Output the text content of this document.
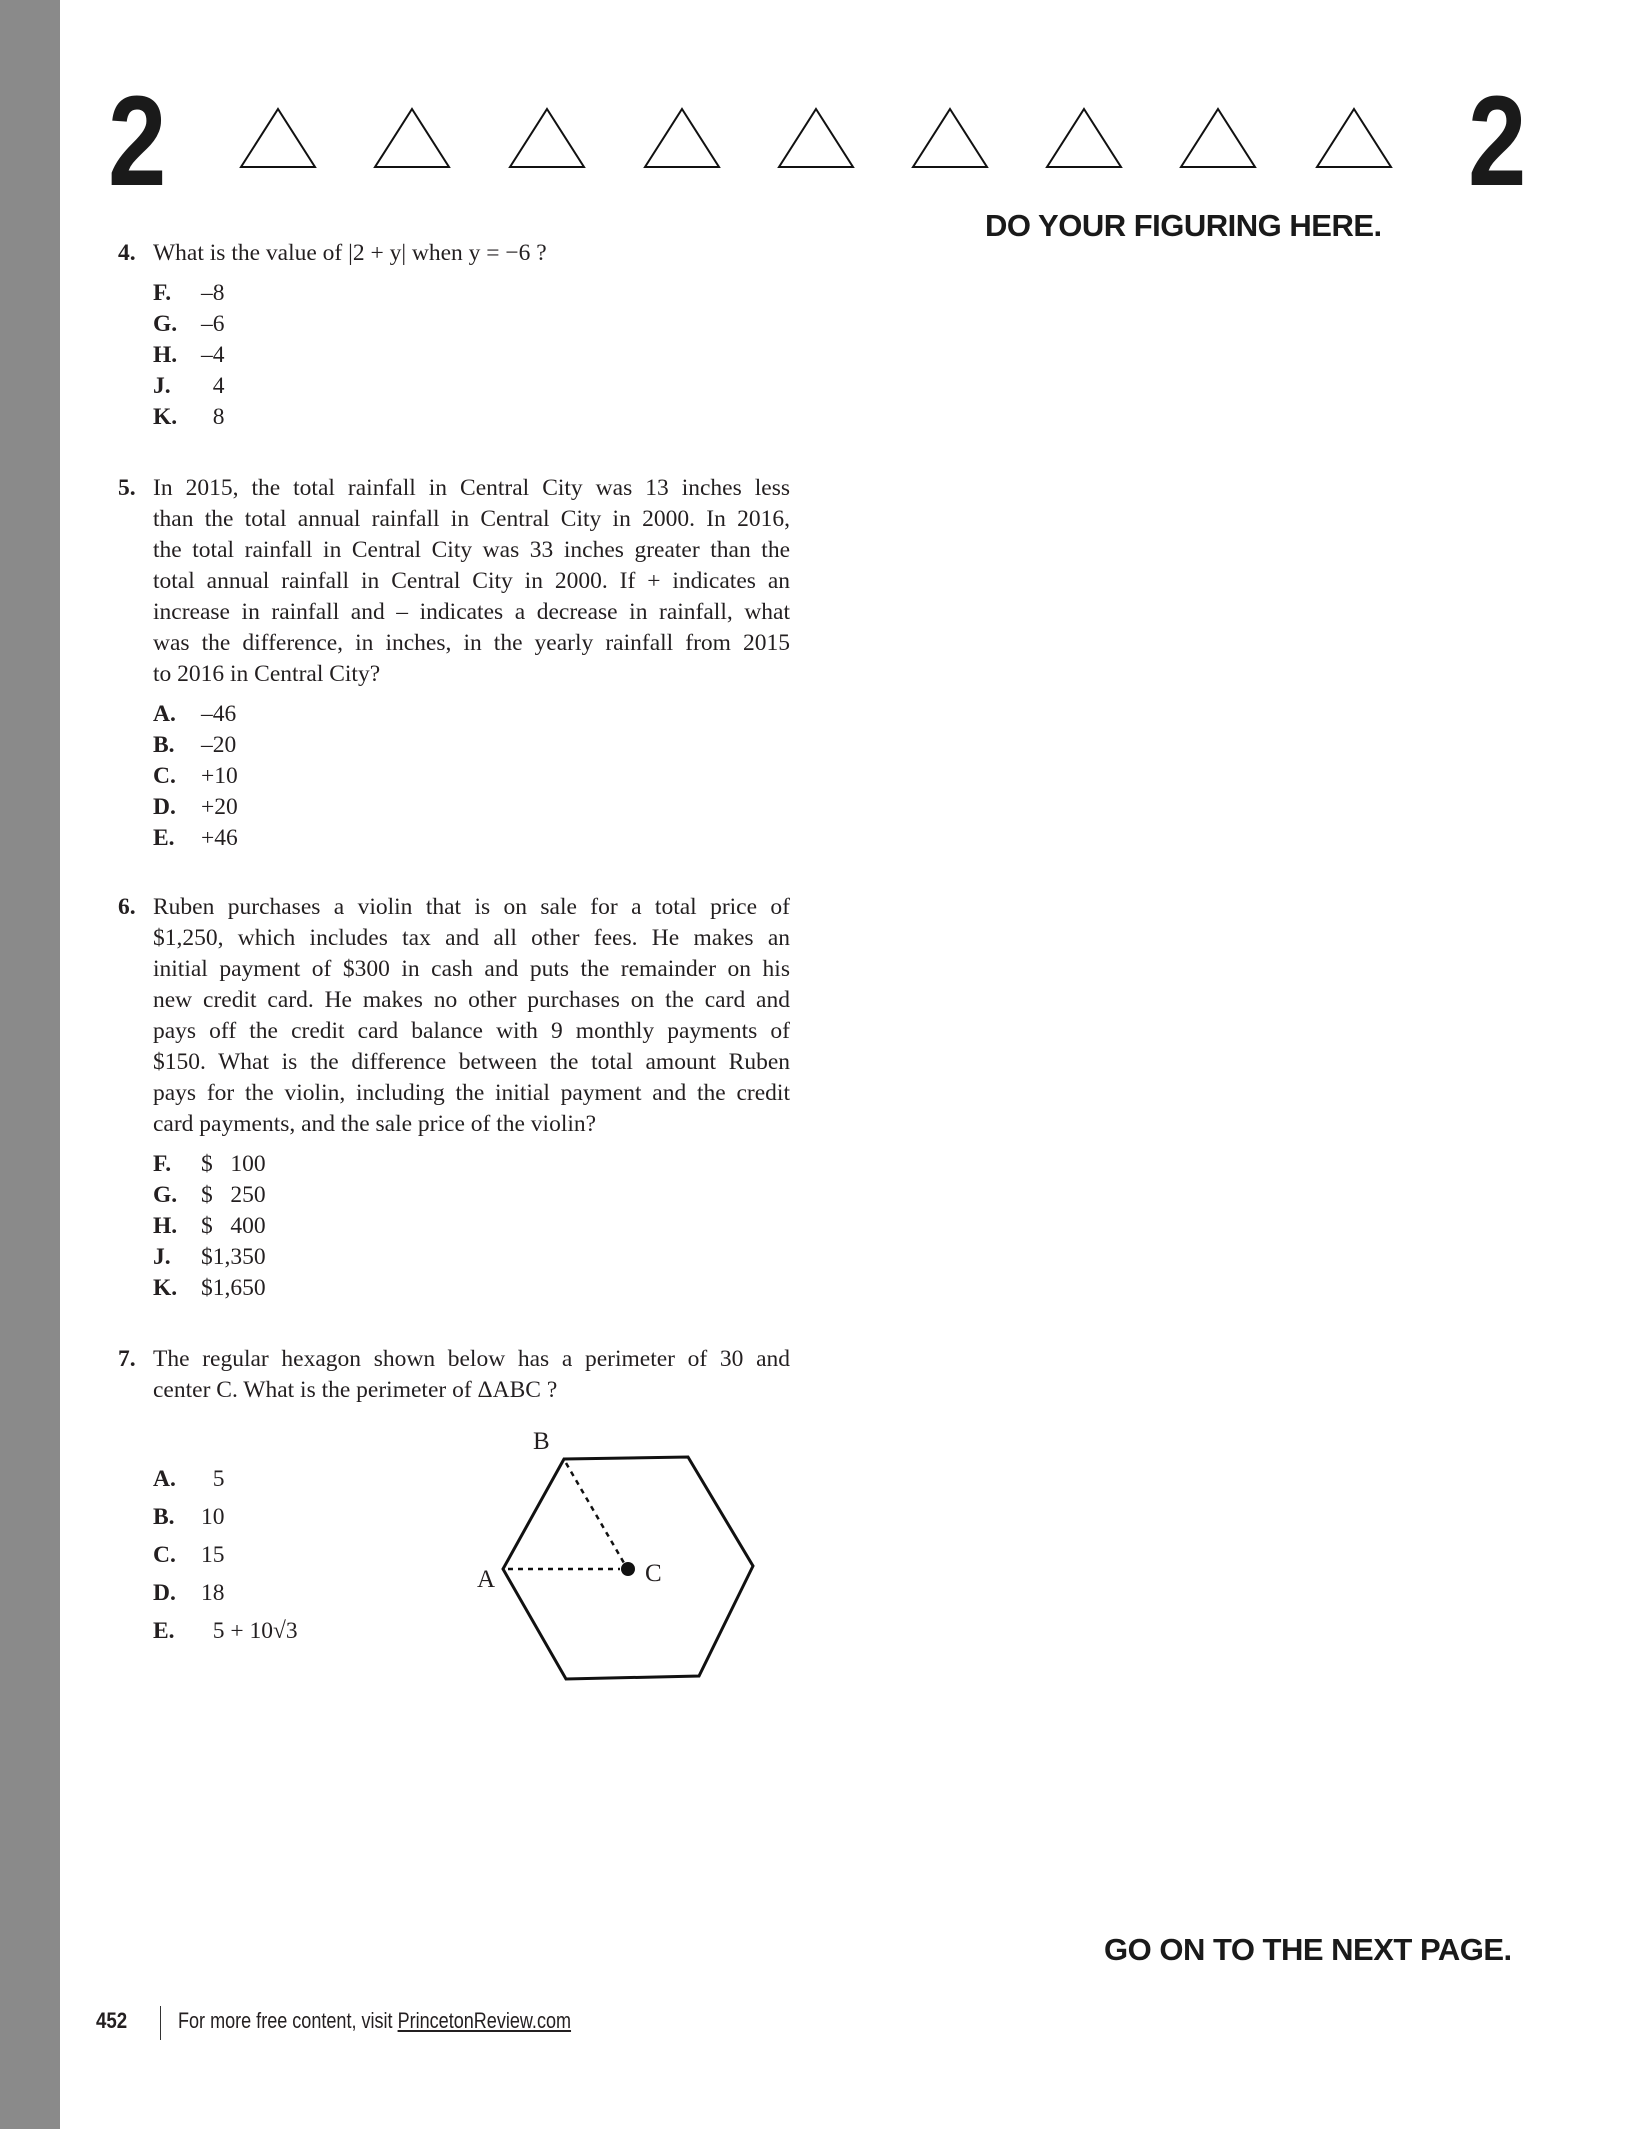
2	2
DO YOUR FIGURING HERE.
4. What is the value of |2 + y| when y = −6 ?
F. –8
G. –6
H. –4
J. 4
K. 8
5. In 2015, the total rainfall in Central City was 13 inches less
than the total annual rainfall in Central City in 2000. In 2016,
the total rainfall in Central City was 33 inches greater than the
total annual rainfall in Central City in 2000. If + indicates an
increase in rainfall and – indicates a decrease in rainfall, what
was the difference, in inches, in the yearly rainfall from 2015
to 2016 in Central City?
A. –46
B. –20
C. +10
D. +20
E. +46
6. Ruben purchases a violin that is on sale for a total price of
$1,250, which includes tax and all other fees. He makes an
initial payment of $300 in cash and puts the remainder on his
new credit card. He makes no other purchases on the card and
pays off the credit card balance with 9 monthly payments of
$150. What is the difference between the total amount Ruben
pays for the violin, including the initial payment and the credit
card payments, and the sale price of the violin?
F. $   100
G. $   250
H. $   400
J. $1,350
K. $1,650
7. The regular hexagon shown below has a perimeter of 30 and
center C. What is the perimeter of ΔABC ?
A. 5
B. 10
C. 15
D. 18
E. 5 + 10√3
B
A	C
GO ON TO THE NEXT PAGE.
452 For more free content, visit PrincetonReview.com
